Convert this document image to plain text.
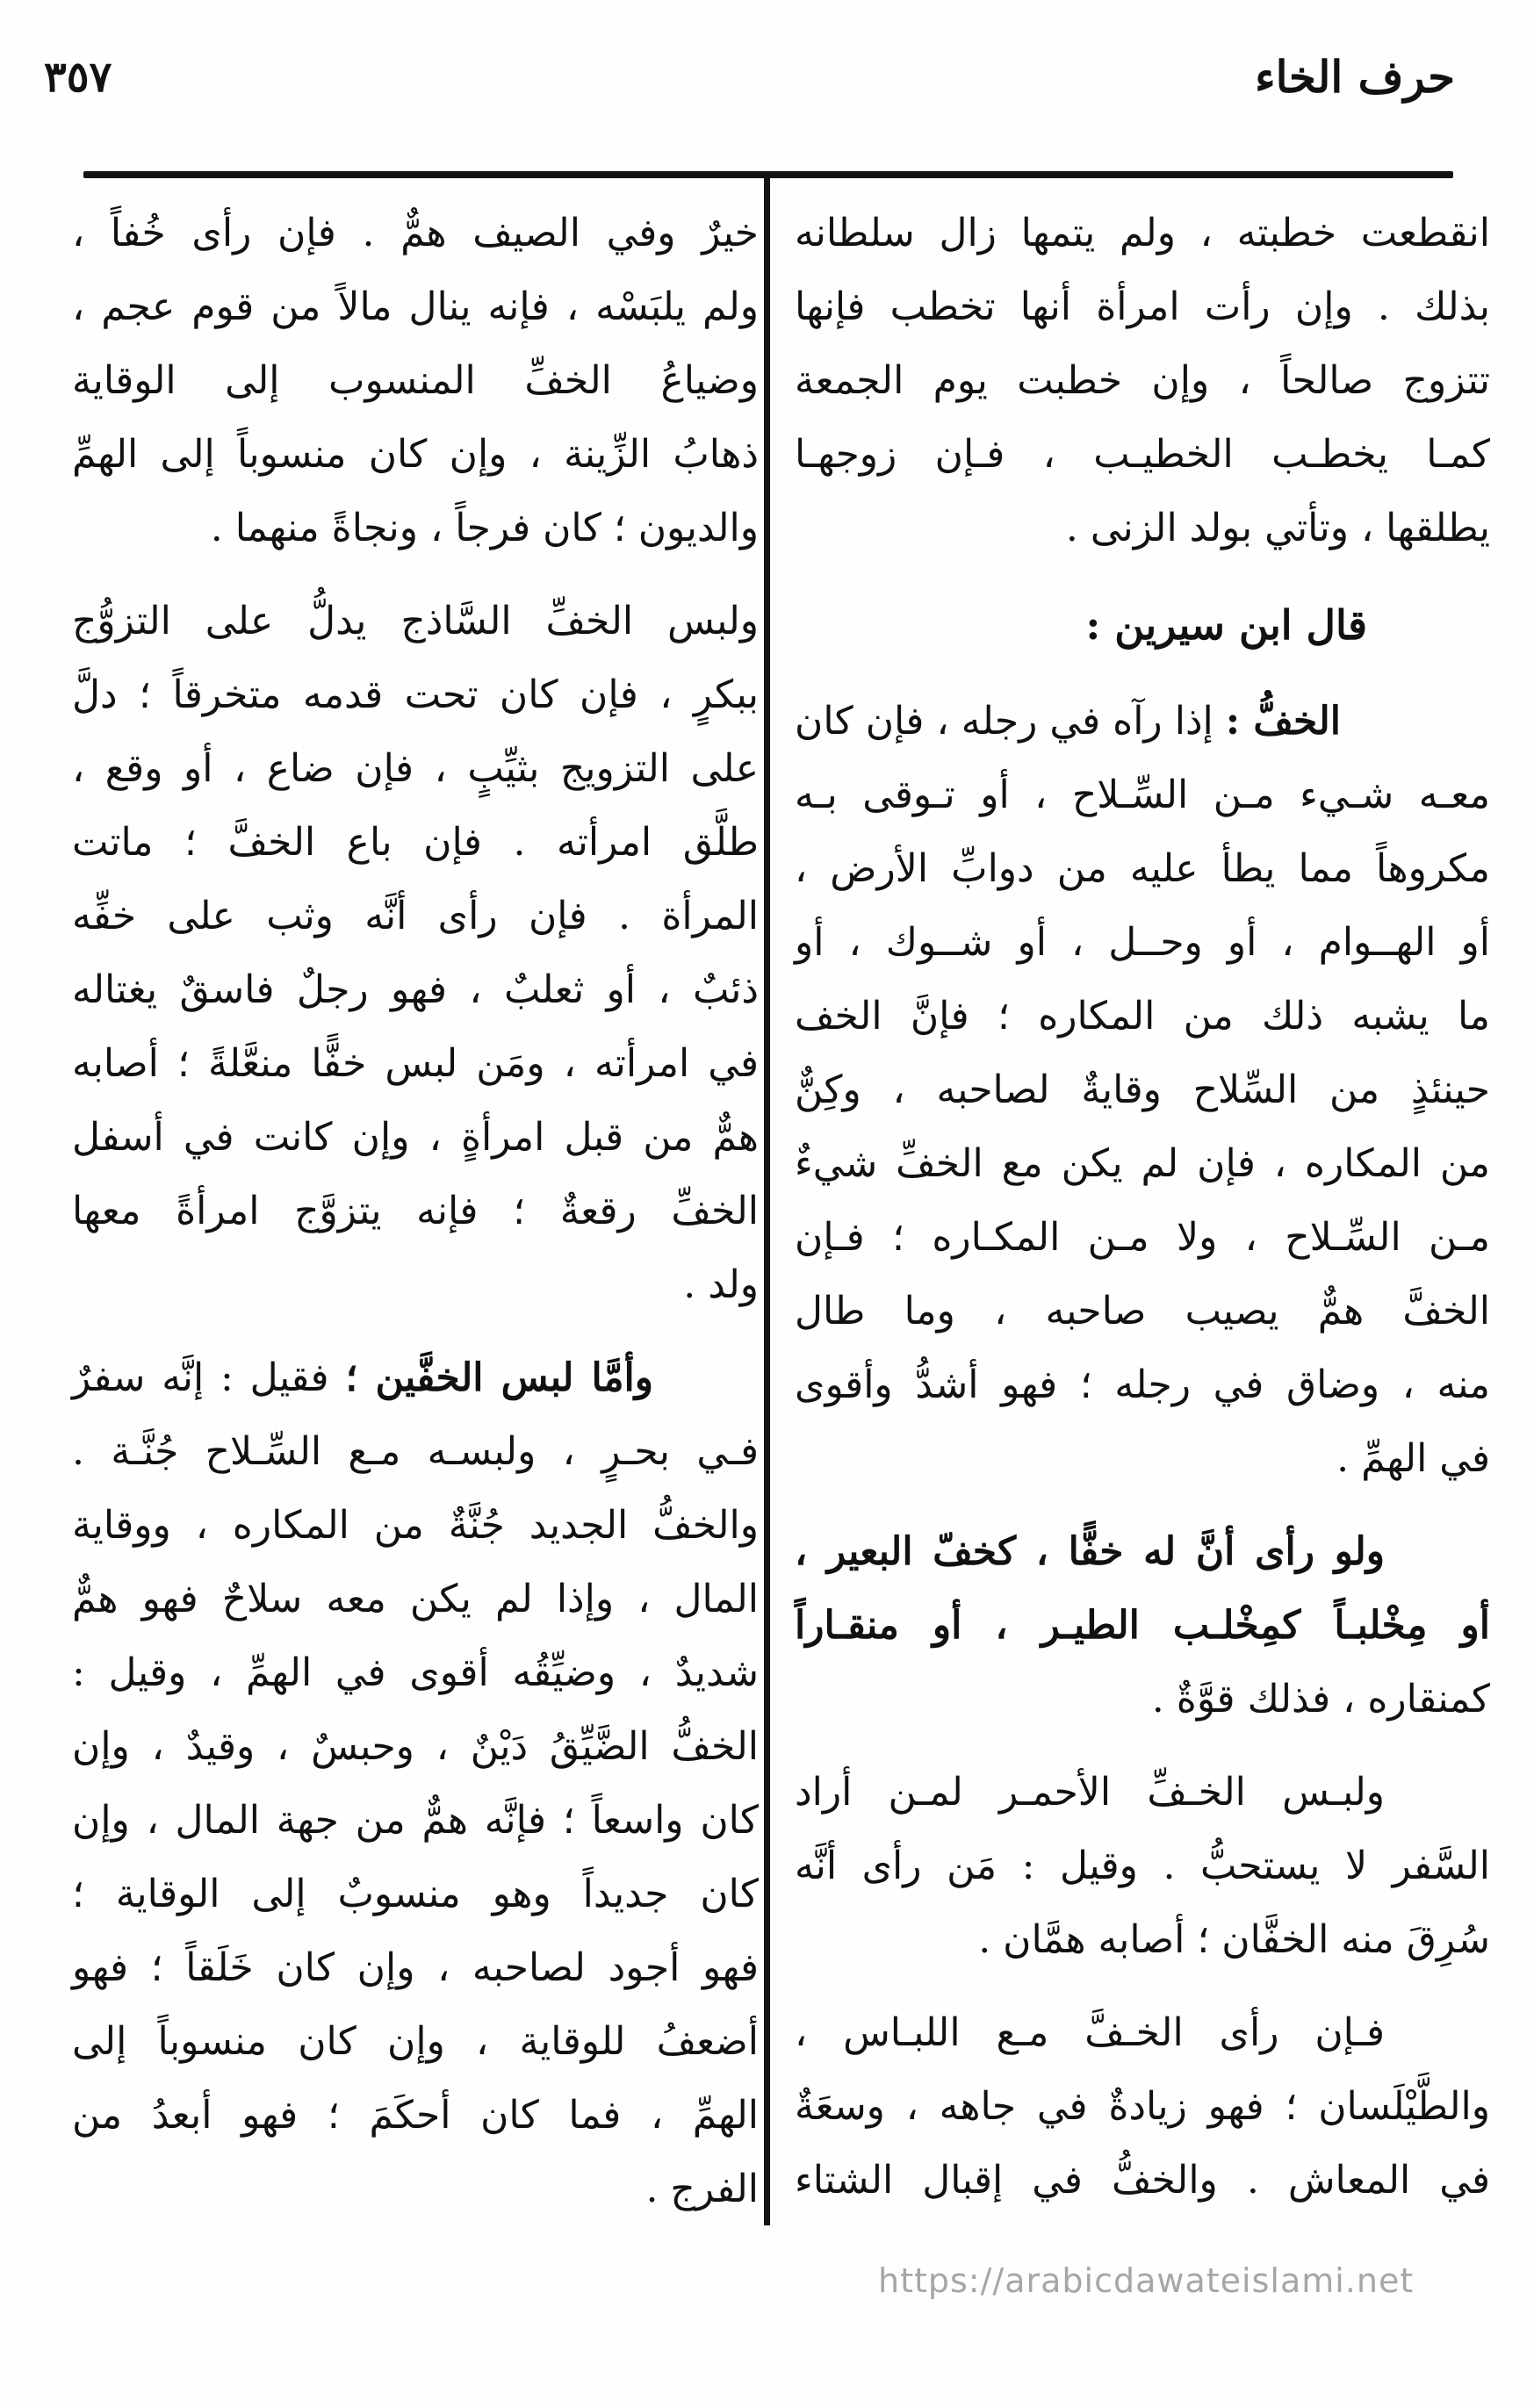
٣٥٧	حرف الخاء
انقطعت خطبته ، ولم يتمها زال سلطانه
بذلك . وإن رأت امرأة أنها تخطب فإنها
تتزوج صالحاً ، وإن خطبت يوم الجمعة
كمـا يخطـب الخطيـب ، فـإن زوجهـا
يطلقها ، وتأتي بولد الزنى .
قال ابن سيرين :
الخفُّ : إذا رآه في رجله ، فإن كان
معـه شـيء مـن السِّـلاح ، أو تـوقى بـه
مكروهاً مما يطأ عليه من دوابِّ الأرض ،
أو الهــوام ، أو وحــل ، أو شــوك ، أو
ما يشبه ذلك من المكاره ؛ فإنَّ الخف
حينئذٍ من السِّلاح وقايةٌ لصاحبه ، وكِنٌّ
من المكاره ، فإن لم يكن مع الخفِّ شيءٌ
مـن السِّـلاح ، ولا مـن المكـاره ؛ فـإن
الخفَّ همٌّ يصيب صاحبه ، وما طال
منه ، وضاق في رجله ؛ فهو أشدُّ وأقوى
في الهمِّ .
ولو رأى أنَّ له خفًّا ، كخفّ البعير ،
أو مِخْلبـاً كمِخْلـب الطيـر ، أو منقـاراً
كمنقاره ، فذلك قوَّةٌ .
ولبـس الخـفِّ الأحمـر لمـن أراد
السَّفر لا يستحبُّ . وقيل : مَن رأى أنَّه
سُرِقَ منه الخفَّان ؛ أصابه همَّان .
فـإن رأى الخـفَّ مـع اللبـاس ،
والطَّيْلَسان ؛ فهو زيادةٌ في جاهه ، وسعَةٌ
في المعاش . والخفُّ في إقبال الشتاء
خيرٌ وفي الصيف همٌّ . فإن رأى خُفاً ،
ولم يلبَسْه ، فإنه ينال مالاً من قوم عجم ،
وضياعُ الخفِّ المنسوب إلى الوقاية
ذهابُ الزِّينة ، وإن كان منسوباً إلى الهمِّ
والديون ؛ كان فرجاً ، ونجاةً منهما .
ولبس الخفِّ السَّاذج يدلُّ على التزوُّج
ببكرٍ ، فإن كان تحت قدمه متخرقاً ؛ دلَّ
على التزويج بثيِّبٍ ، فإن ضاع ، أو وقع ،
طلَّق امرأته . فإن باع الخفَّ ؛ ماتت
المرأة . فإن رأى أنَّه وثب على خفِّه
ذئبٌ ، أو ثعلبٌ ، فهو رجلٌ فاسقٌ يغتاله
في امرأته ، ومَن لبس خفًّا منعَّلةً ؛ أصابه
همٌّ من قبل امرأةٍ ، وإن كانت في أسفل
الخفِّ رقعةٌ ؛ فإنه يتزوَّج امرأةً معها
ولد .
وأمَّا لبس الخفَّين ؛ فقيل : إنَّه سفرٌ
فـي بحـرٍ ، ولبسـه مـع السِّـلاح جُنَّـة .
والخفُّ الجديد جُنَّةٌ من المكاره ، ووقاية
المال ، وإذا لم يكن معه سلاحٌ فهو همٌّ
شديدٌ ، وضيِّقُه أقوى في الهمِّ ، وقيل :
الخفُّ الضَّيِّقُ دَيْنٌ ، وحبسٌ ، وقيدٌ ، وإن
كان واسعاً ؛ فإنَّه همٌّ من جهة المال ، وإن
كان جديداً وهو منسوبٌ إلى الوقاية ؛
فهو أجود لصاحبه ، وإن كان خَلَقاً ؛ فهو
أضعفُ للوقاية ، وإن كان منسوباً إلى
الهمِّ ، فما كان أحكَمَ ؛ فهو أبعدُ من
الفرج .
https://arabicdawateislami.net
